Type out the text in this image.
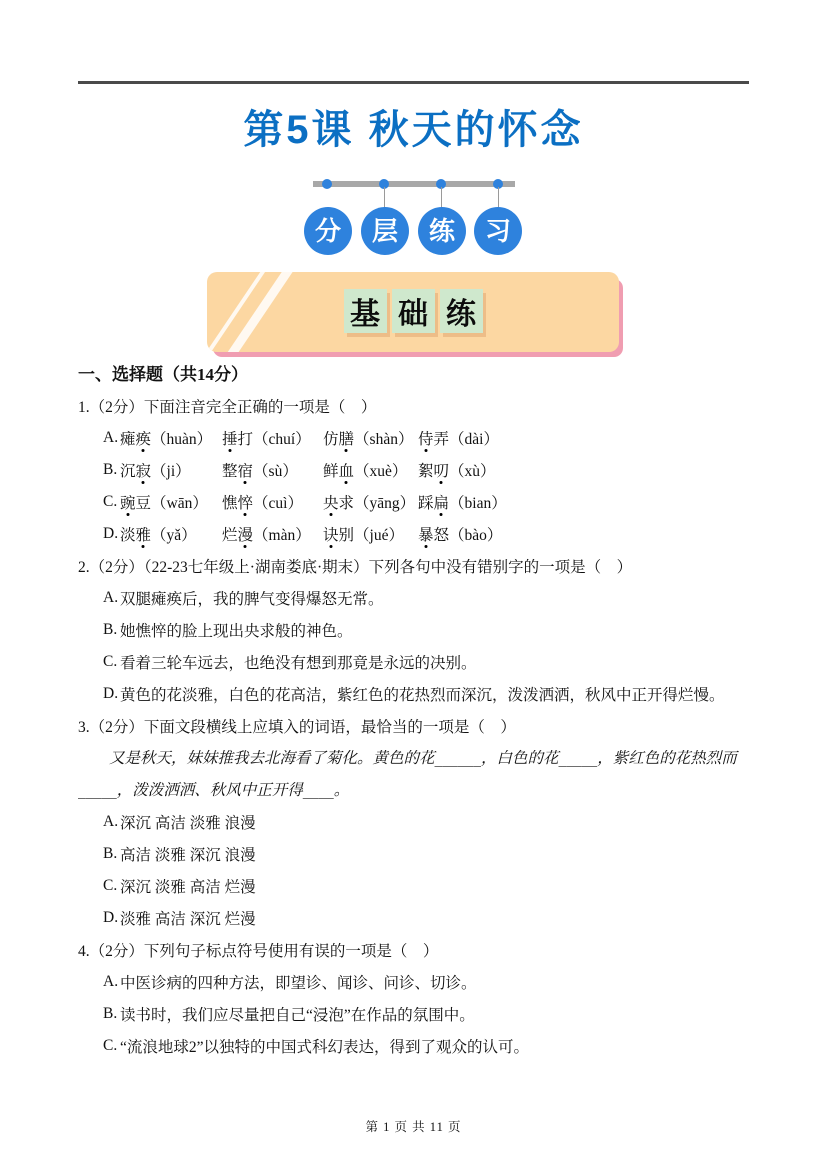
第5课 秋天的怀念
分	层	练	习
基 础 练
一、选择题（共14分）
1.（2分）下面注音完全正确的一项是（　）
A. 瘫痪（huàn） 捶打（chuí） 仿膳（shàn） 侍弄（dài）
B. 沉寂（ji）	整宿（sù）	鲜血（xuè） 絮叨（xù）
C. 豌豆（wān） 憔悴（cuì）	央求（yāng） 踩扁（bian）
D. 淡雅（yǎ）	烂漫（màn） 诀别（jué） 暴怒（bào）
2.（2分）（22-23七年级上·湖南娄底·期末）下列各句中没有错别字的一项是（　）
A. 双腿瘫痪后，我的脾气变得爆怒无常。
B. 她憔悴的脸上现出央求般的神色。
C. 看着三轮车远去，也绝没有想到那竟是永远的决别。
D. 黄色的花淡雅，白色的花高洁，紫红色的花热烈而深沉，泼泼洒洒，秋风中正开得烂慢。
3.（2分）下面文段横线上应填入的词语，最恰当的一项是（　）
又是秋天，妹妹推我去北海看了菊化。黄色的花______，白色的花_____，紫红色的花热烈而_____，泼泼洒洒、秋风中正开得____。
A. 深沉 高洁 淡雅 浪漫
B. 高洁 淡雅 深沉 浪漫
C. 深沉 淡雅 高洁 烂漫
D. 淡雅 高洁 深沉 烂漫
4.（2分）下列句子标点符号使用有误的一项是（　）
A. 中医诊病的四种方法，即望诊、闻诊、问诊、切诊。
B. 读书时，我们应尽量把自己“浸泡”在作品的氛围中。
C. “流浪地球2”以独特的中国式科幻表达，得到了观众的认可。
第 1 页 共 11 页
